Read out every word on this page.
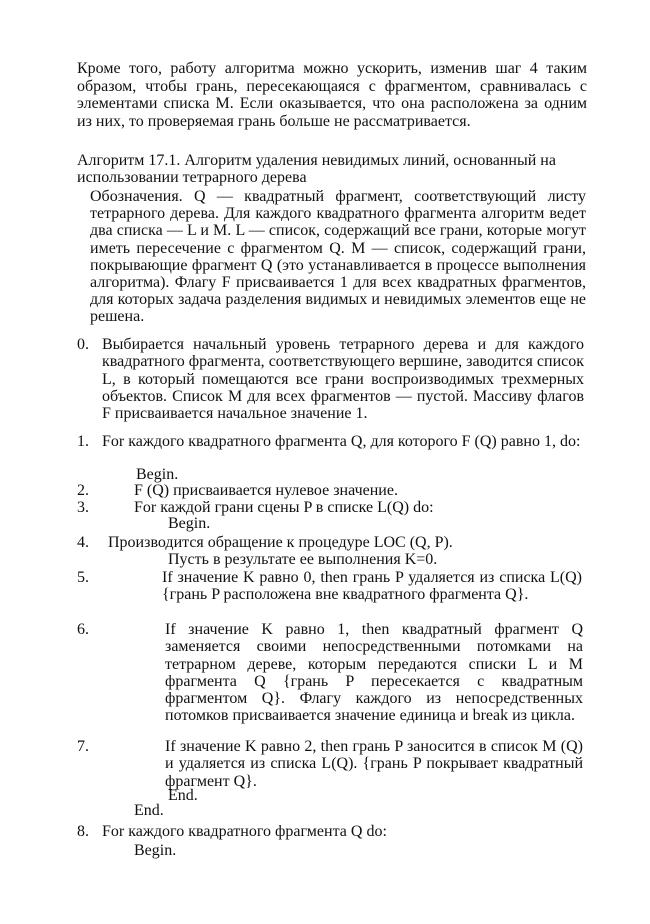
Кроме того, работу алгоритма можно ускорить, изменив шаг 4 таким образом, чтобы грань, пересекающаяся с фрагментом, сравнивалась с элементами списка M. Если оказывается, что она расположена за одним из них, то проверяемая грань больше не рассматривается.

Алгоритм 17.1. Алгоритм удаления невидимых линий, основанный на использовании тетрарного дерева

Обозначения. Q — квадратный фрагмент, соответствующий листу тетрарного дерева. Для каждого квадратного фрагмента алгоритм ведет два списка — L и M. L — список, содержащий все грани, которые могут иметь пересечение с фрагментом Q. M — список, содержащий грани, покрывающие фрагмент Q (это устанавливается в процессе выполнения алгоритма). Флагу F присваивается 1 для всех квадратных фрагментов, для которых задача разделения видимых и невидимых элементов еще не решена.

0. Выбирается начальный уровень тетрарного дерева и для каждого квадратного фрагмента, соответствующего вершине, заводится список L, в который помещаются все грани воспроизводимых трехмерных объектов. Список M для всех фрагментов — пустой. Массиву флагов F присваивается начальное значение 1.
1. For каждого квадратного фрагмента Q, для которого F (Q) равно 1, do:
Begin.
2.	F (Q) присваивается нулевое значение.
3.	For каждой грани сцены P в списке L(Q) do:
Begin.
4. Производится обращение к процедуре LOC (Q, P).
Пусть в результате ее выполнения K=0.
5.	If значение K равно 0, then грань P удаляется из списка L(Q) {грань P расположена вне квадратного фрагмента Q}.
6.	If значение K равно 1, then квадратный фрагмент Q заменяется своими непосредственными потомками на тетрарном дереве, которым передаются списки L и M фрагмента Q {грань P пересекается с квадратным фрагментом Q}. Флагу каждого из непосредственных потомков присваивается значение единица и break из цикла.
7.	If значение K равно 2, then грань P заносится в список M (Q) и удаляется из списка L(Q). {грань P покрывает квадратный фрагмент Q}.
End.
End.
8. For каждого квадратного фрагмента Q do:
Begin.
